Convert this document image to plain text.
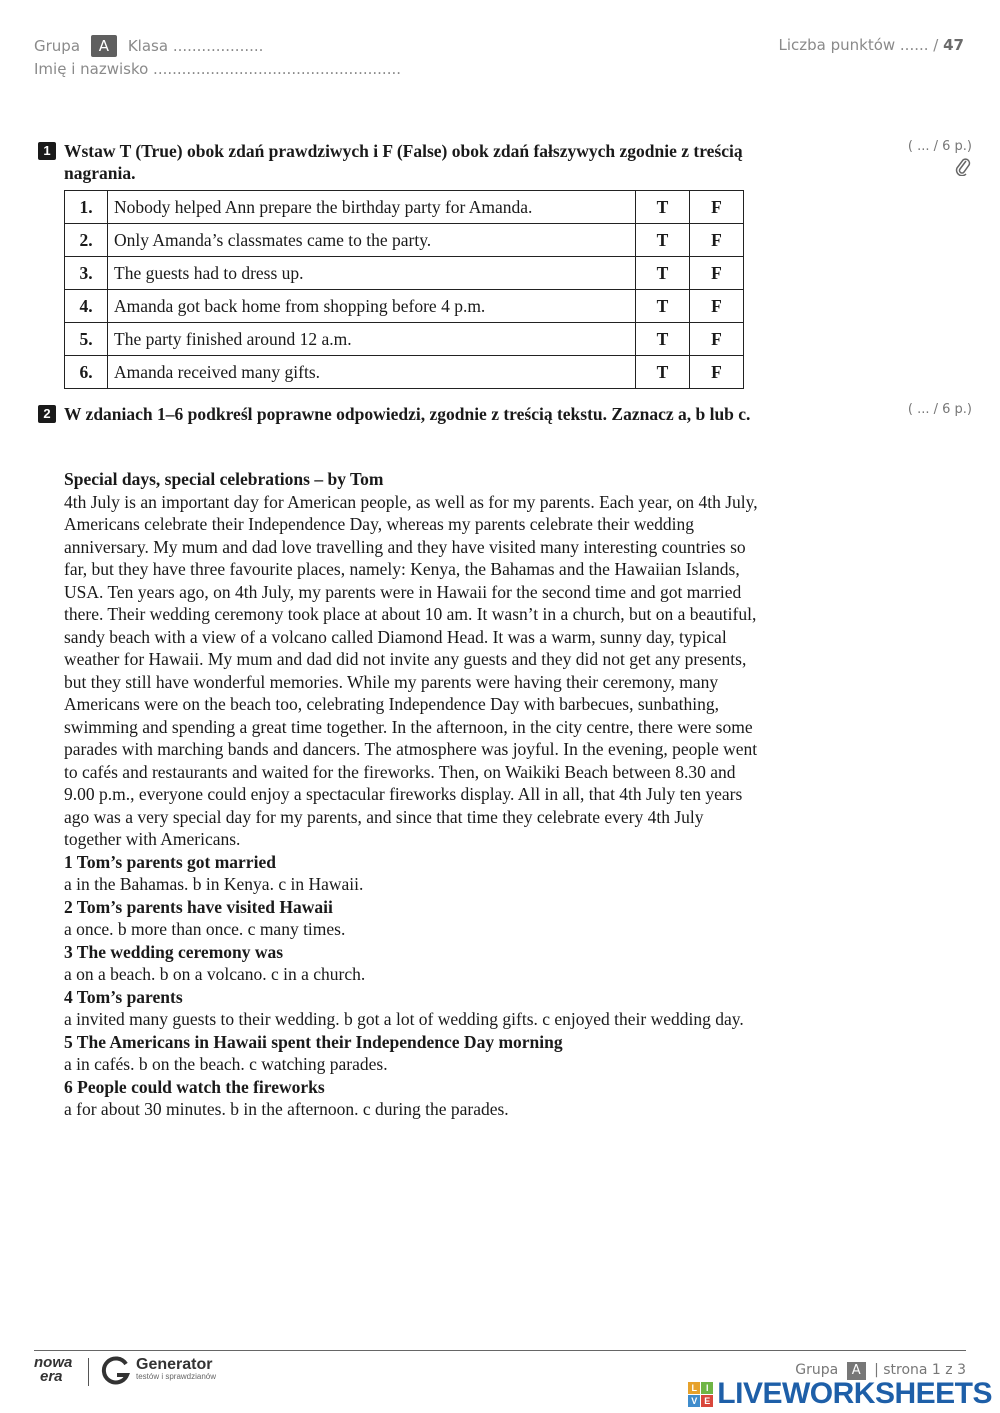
Grupa A Klasa ...................
Imię i nazwisko ....................................................
Liczba punktów ...... / 47
1 Wstaw T (True) obok zdań prawdziwych i F (False) obok zdań fałszywych zgodnie z treścią nagrania.
( ... / 6 p.)
1.	Nobody helped Ann prepare the birthday party for Amanda.	T	F
2.	Only Amanda’s classmates came to the party.	T	F
3.	The guests had to dress up.	T	F
4.	Amanda got back home from shopping before 4 p.m.	T	F
5.	The party finished around 12 a.m.	T	F
6.	Amanda received many gifts.	T	F
2 W zdaniach 1–6 podkreśl poprawne odpowiedzi, zgodnie z treścią tekstu. Zaznacz a, b lub c.	( ... / 6 p.)

Special days, special celebrations – by Tom

4th July is an important day for American people, as well as for my parents. Each year, on 4th July, Americans celebrate their Independence Day, whereas my parents celebrate their wedding anniversary. My mum and dad love travelling and they have visited many interesting countries so far, but they have three favourite places, namely: Kenya, the Bahamas and the Hawaiian Islands, USA. Ten years ago, on 4th July, my parents were in Hawaii for the second time and got married there. Their wedding ceremony took place at about 10 am. It wasn’t in a church, but on a beautiful, sandy beach with a view of a volcano called Diamond Head. It was a warm, sunny day, typical weather for Hawaii. My mum and dad did not invite any guests and they did not get any presents, but they still have wonderful memories. While my parents were having their ceremony, many Americans were on the beach too, celebrating Independence Day with barbecues, sunbathing, swimming and spending a great time together. In the afternoon, in the city centre, there were some parades with marching bands and dancers. The atmosphere was joyful. In the evening, people went to cafés and restaurants and waited for the fireworks. Then, on Waikiki Beach between 8.30 and 9.00 p.m., everyone could enjoy a spectacular fireworks display. All in all, that 4th July ten years ago was a very special day for my parents, and since that time they celebrate every 4th July together with Americans.

1 Tom’s parents got married

a in the Bahamas. b in Kenya. c in Hawaii.

2 Tom’s parents have visited Hawaii

a once. b more than once. c many times.

3 The wedding ceremony was

a on a beach. b on a volcano. c in a church.

4 Tom’s parents

a invited many guests to their wedding. b got a lot of wedding gifts. c enjoyed their wedding day.

5 The Americans in Hawaii spent their Independence Day morning

a in cafés. b on the beach. c watching parades.

6 People could watch the fireworks

a for about 30 minutes. b in the afternoon. c during the parades.

nowa
era
Generator
testów i sprawdzianów	Grupa A | strona 1 z 3
L I
V E LIVEWORKSHEETS
